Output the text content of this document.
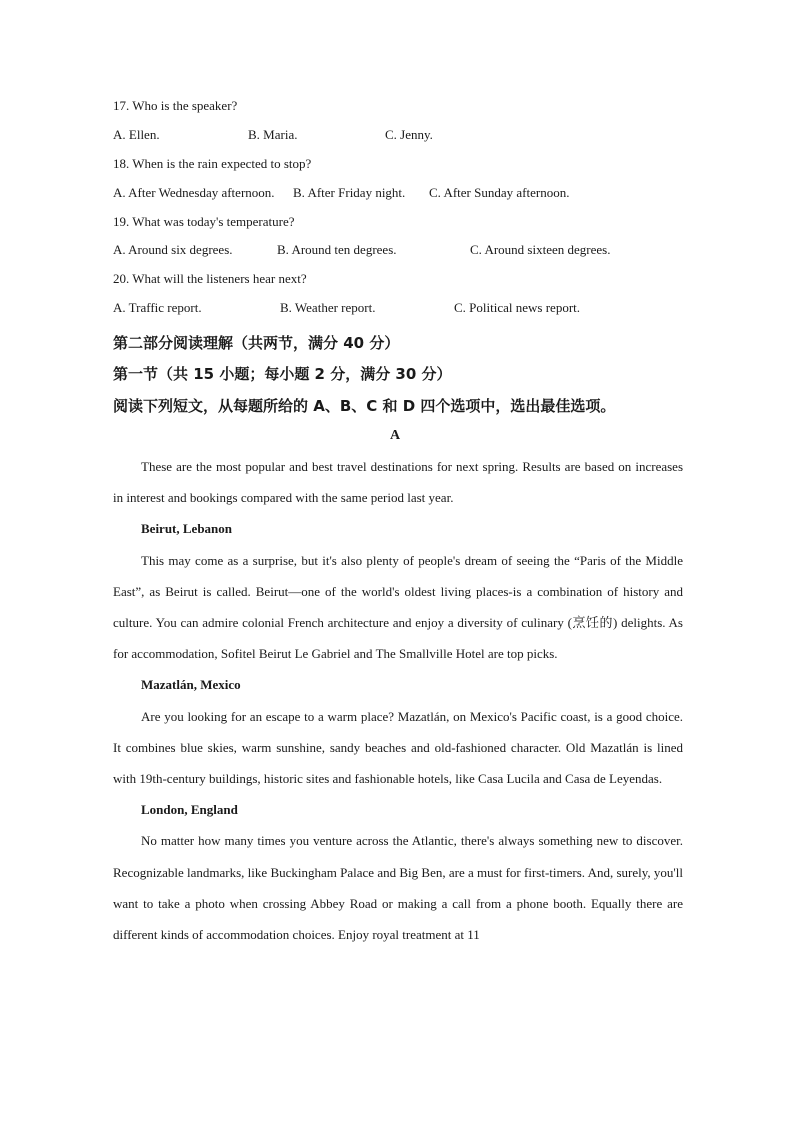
17. Who is the speaker?
A. Ellen.	B. Maria.	C. Jenny.
18. When is the rain expected to stop?
A. After Wednesday afternoon. B. After Friday night. C. After Sunday afternoon.
19. What was today's temperature?
A. Around six degrees.	B. Around ten degrees.	C. Around sixteen degrees.
20. What will the listeners hear next?
A. Traffic report.	B. Weather report.	C. Political news report.
第二部分阅读理解（共两节，满分 40 分）
第一节（共 15 小题；每小题 2 分，满分 30 分）
阅读下列短文，从每题所给的 A、B、C 和 D 四个选项中，选出最佳选项。
A

These are the most popular and best travel destinations for next spring. Results are based on increases in interest and bookings compared with the same period last year.

Beirut, Lebanon

This may come as a surprise, but it's also plenty of people's dream of seeing the “Paris of the Middle East”, as Beirut is called. Beirut—one of the world's oldest living places-is a combination of history and culture. You can admire colonial French architecture and enjoy a diversity of culinary (烹饪的) delights. As for accommodation, Sofitel Beirut Le Gabriel and The Smallville Hotel are top picks.

Mazatlán, Mexico

Are you looking for an escape to a warm place? Mazatlán, on Mexico's Pacific coast, is a good choice. It combines blue skies, warm sunshine, sandy beaches and old-fashioned character. Old Mazatlán is lined with 19th-century buildings, historic sites and fashionable hotels, like Casa Lucila and Casa de Leyendas.

London, England

No matter how many times you venture across the Atlantic, there's always something new to discover. Recognizable landmarks, like Buckingham Palace and Big Ben, are a must for first-timers. And, surely, you'll want to take a photo when crossing Abbey Road or making a call from a phone booth. Equally there are different kinds of accommodation choices. Enjoy royal treatment at 11
